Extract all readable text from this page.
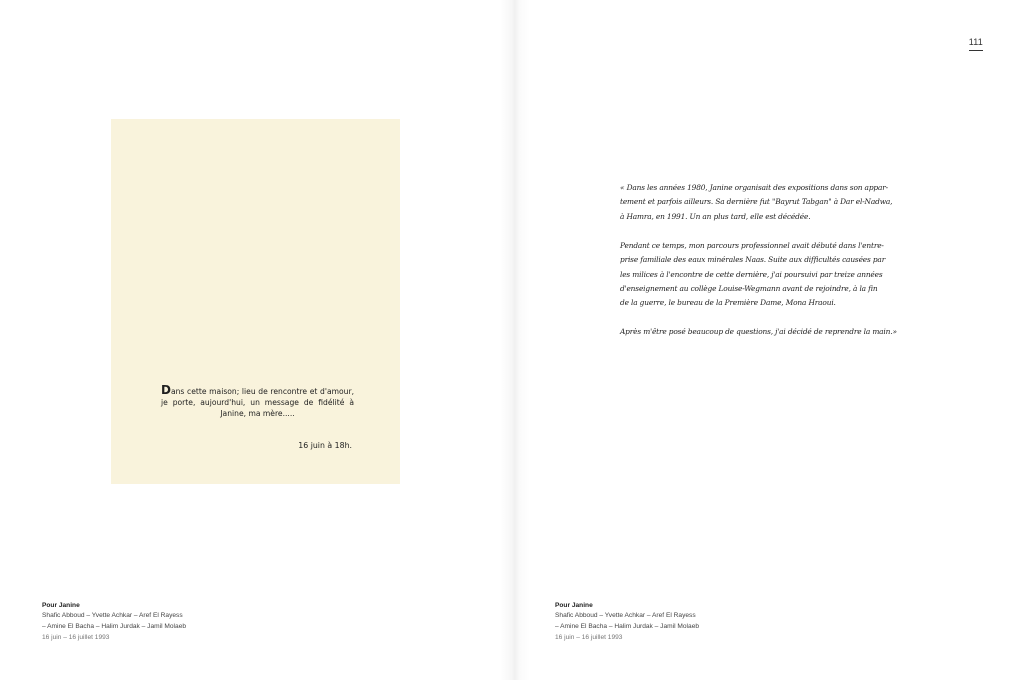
Dans cette maison; lieu de rencontre et d'amour,
je porte, aujourd'hui, un message de fidélité à
Janine, ma mère.....
16 juin à 18h.
Pour Janine
Shafic Abboud – Yvette Achkar – Aref El Rayess
– Amine El Bacha – Halim Jurdak – Jamil Molaeb
16 juin – 16 juillet 1993
111

« Dans les années 1980, Janine organisait des expositions dans son appar-
tement et parfois ailleurs. Sa dernière fut "Bayrut Tabgan" à Dar el-Nadwa,
à Hamra, en 1991. Un an plus tard, elle est décédée.

Pendant ce temps, mon parcours professionnel avait débuté dans l'entre-
prise familiale des eaux minérales Naas. Suite aux difficultés causées par
les milices à l'encontre de cette dernière, j'ai poursuivi par treize années
d'enseignement au collège Louise-Wegmann avant de rejoindre, à la fin
de la guerre, le bureau de la Première Dame, Mona Hraoui.

Après m'être posé beaucoup de questions, j'ai décidé de reprendre la main.»

Pour Janine
Shafic Abboud – Yvette Achkar – Aref El Rayess
– Amine El Bacha – Halim Jurdak – Jamil Molaeb
16 juin – 16 juillet 1993
